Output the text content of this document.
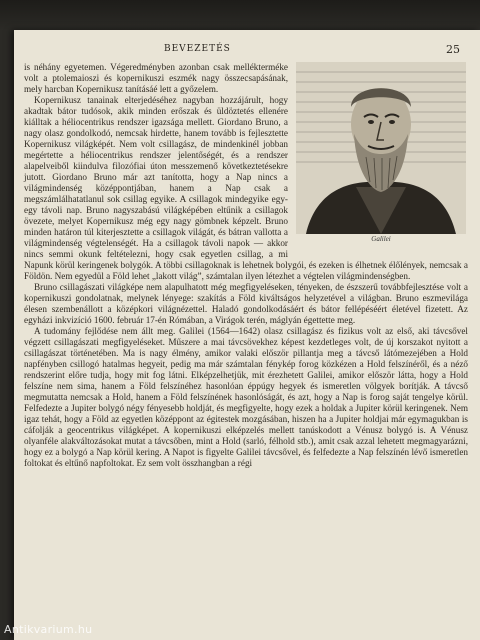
BEVEZETÉS	25
Galilei

is néhány egyetemen. Végeredményben azonban csak mellékterméke volt a ptolemaioszi és kopernikuszi eszmék nagy összecsapásának, mely harcban Kopernikusz tanításáé lett a győzelem.

Kopernikusz tanainak elterjedéséhez nagyban hozzájárult, hogy akadtak bátor tudósok, akik minden erőszak és üldöztetés ellenére kiálltak a héliocentrikus rendszer igazsága mellett. Giordano Bruno, a nagy olasz gondolkodó, nemcsak hirdette, hanem tovább is fejlesztette Kopernikusz világképét. Nem volt csillagász, de mindenkinél jobban megértette a héliocentrikus rendszer jelentőségét, és a rendszer alapelveiből kiindulva filozófiai úton messzemenő következtetésekre jutott. Giordano Bruno már azt tanította, hogy a Nap nincs a világmindenség középpontjában, hanem a Nap csak a megszámlálhatatlanul sok csillag egyike. A csillagok mindegyike egy-egy távoli nap. Bruno nagyszabású világképében eltűnik a csillagok övezete, melyet Kopernikusz még egy nagy gömbnek képzelt. Bruno minden határon túl kiterjesztette a csillagok világát, és bátran vallotta a világmindenség végtelenségét. Ha a csillagok távoli napok — akkor nincs semmi okunk feltételezni, hogy csak egyetlen csillag, a mi Napunk körül keringenek bolygók. A többi csillagoknak is lehetnek bolygói, és ezeken is élhetnek élőlények, nemcsak a Földön. Nem egyedül a Föld lehet „lakott világ”, számtalan ilyen létezhet a végtelen világmindenségben.

Bruno csillagászati világképe nem alapulhatott még megfigyeléseken, tényeken, de észszerű továbbfejlesztése volt a kopernikuszi gondolatnak, melynek lényege: szakítás a Föld kiváltságos helyzetével a világban. Bruno eszmevilága élesen szembenállott a középkori világnézettel. Haladó gondolkodásáért és bátor fellépéséért életével fizetett. Az egyházi inkvizíció 1600. február 17-én Rómában, a Virágok terén, máglyán égettette meg.

A tudomány fejlődése nem állt meg. Galilei (1564—1642) olasz csillagász és fizikus volt az első, aki távcsővel végzett csillagászati megfigyeléseket. Műszere a mai távcsövekhez képest kezdetleges volt, de új korszakot nyitott a csillagászat történetében. Ma is nagy élmény, amikor valaki először pillantja meg a távcső látómezejében a Hold napfényben csillogó hatalmas hegyeit, pedig ma már számtalan fénykép forog közkézen a Hold felszínéről, és a néző rendszerint előre tudja, hogy mit fog látni. Elképzelhetjük, mit érezhetett Galilei, amikor először látta, hogy a Hold felszíne nem sima, hanem a Föld felszínéhez hasonlóan éppúgy hegyek és ismeretlen völgyek borítják. A távcső megmutatta nemcsak a Hold, hanem a Föld felszínének hasonlóságát, és azt, hogy a Nap is forog saját tengelye körül. Felfedezte a Jupiter bolygó négy fényesebb holdját, és megfigyelte, hogy ezek a holdak a Jupiter körül keringenek. Nem igaz tehát, hogy a Föld az egyetlen középpont az égitestek mozgásában, hiszen ha a Jupiter holdjai már egymagukban is cáfolják a geocentrikus világképet. A kopernikuszi elképzelés mellett tanúskodott a Vénusz bolygó is. A Vénusz olyanféle alakváltozásokat mutat a távcsőben, mint a Hold (sarló, félhold stb.), amit csak azzal lehetett megmagyarázni, hogy ez a bolygó a Nap körül kering. A Napot is figyelte Galilei távcsővel, és felfedezte a Nap felszínén lévő ismeretlen foltokat és eltűnő napfoltokat. Ez sem volt összhangban a régi

Antikvarium.hu
